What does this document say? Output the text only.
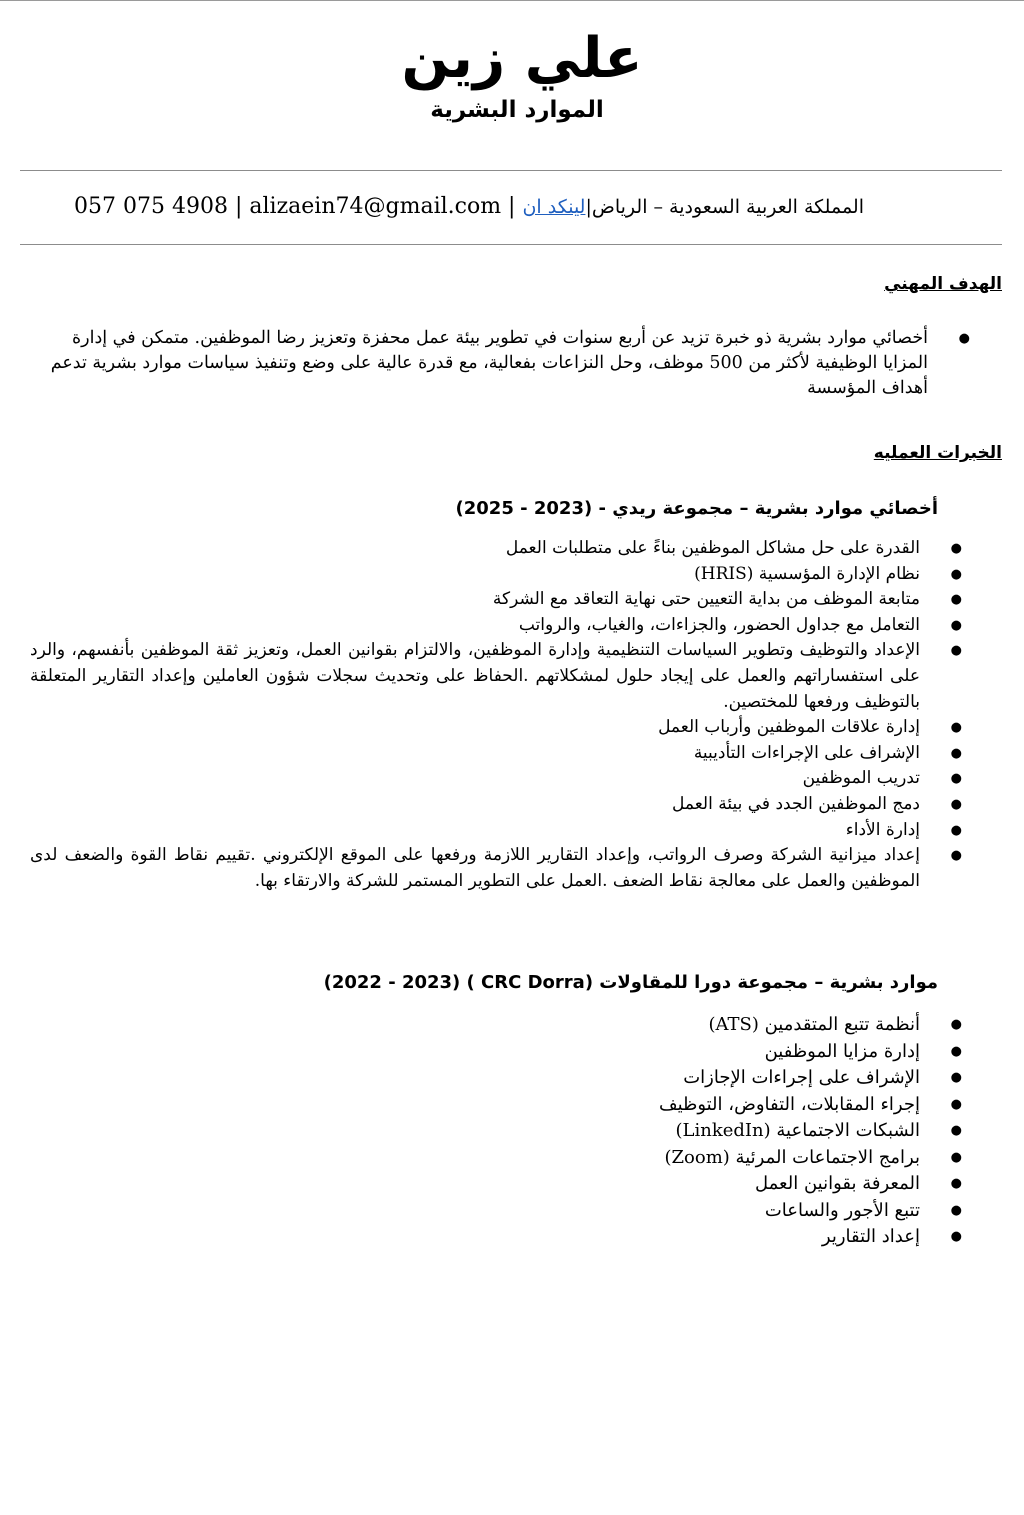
علي زين
الموارد البشرية
المملكة العربية السعودية – الرياض|لينكد ان | alizaein74@gmail.com | 057 075 4908
الهدف المهني
●
أخصائي موارد بشرية ذو خبرة تزيد عن أربع سنوات في تطوير بيئة عمل محفزة وتعزيز رضا الموظفين. متمكن في إدارة المزايا الوظيفية لأكثر من 500 موظف، وحل النزاعات بفعالية، مع قدرة عالية على وضع وتنفيذ سياسات موارد بشرية تدعم أهداف المؤسسة
الخبرات العمليه
أخصائي موارد بشرية – مجموعة ريدي - (2023 - 2025)
●
القدرة على حل مشاكل الموظفين بناءً على متطلبات العمل
●
نظام الإدارة المؤسسية (HRIS)
●
متابعة الموظف من بداية التعيين حتى نهاية التعاقد مع الشركة
●
التعامل مع جداول الحضور، والجزاءات، والغياب، والرواتب
●
الإعداد والتوظيف وتطوير السياسات التنظيمية وإدارة الموظفين، والالتزام بقوانين العمل، وتعزيز ثقة الموظفين بأنفسهم، والرد على استفساراتهم والعمل على إيجاد حلول لمشكلاتهم .الحفاظ على وتحديث سجلات شؤون العاملين وإعداد التقارير المتعلقة بالتوظيف ورفعها للمختصين.
●
إدارة علاقات الموظفين وأرباب العمل
●
الإشراف على الإجراءات التأديبية
●
تدريب الموظفين
●
دمج الموظفين الجدد في بيئة العمل
●
إدارة الأداء
●
إعداد ميزانية الشركة وصرف الرواتب، وإعداد التقارير اللازمة ورفعها على الموقع الإلكتروني .تقييم نقاط القوة والضعف لدى الموظفين والعمل على معالجة نقاط الضعف .العمل على التطوير المستمر للشركة والارتقاء بها.
موارد بشرية – مجموعة دورا للمقاولات (CRC Dorra ) (2022 - 2023)
●
أنظمة تتبع المتقدمين (ATS)
●
إدارة مزايا الموظفين
●
الإشراف على إجراءات الإجازات
●
إجراء المقابلات، التفاوض، التوظيف
●
الشبكات الاجتماعية (LinkedIn)
●
برامج الاجتماعات المرئية (Zoom)
●
المعرفة بقوانين العمل
●
تتبع الأجور والساعات
●
إعداد التقارير
